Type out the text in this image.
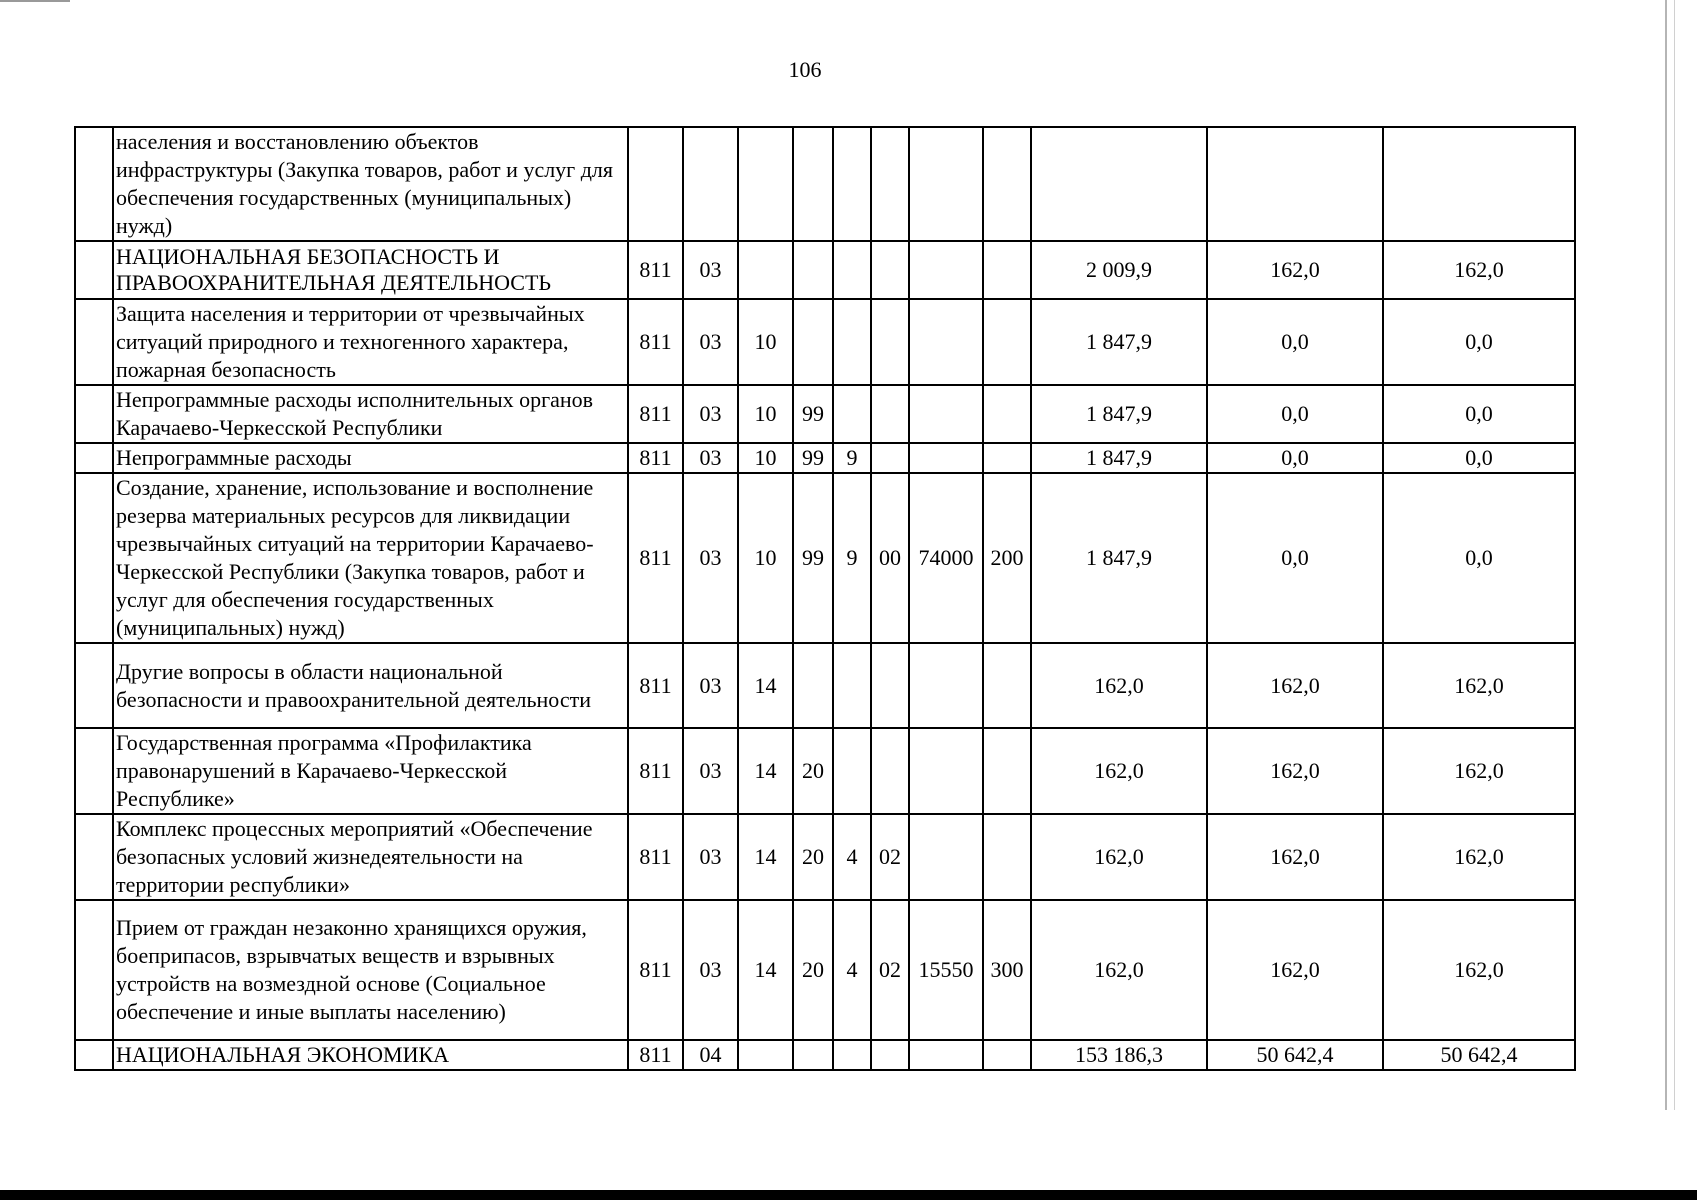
106
	населения и восстановлению объектов инфраструктуры (Закупка товаров, работ и услуг для обеспечения государственных (муниципальных) нужд)											
	НАЦИОНАЛЬНАЯ БЕЗОПАСНОСТЬ И ПРАВООХРАНИТЕЛЬНАЯ ДЕЯТЕЛЬНОСТЬ	811	03							2 009,9	162,0	162,0
	Защита населения и территории от чрезвычайных ситуаций природного и техногенного характера, пожарная безопасность	811	03	10						1 847,9	0,0	0,0
	Непрограммные расходы исполнительных органов Карачаево-Черкесской Республики	811	03	10	99					1 847,9	0,0	0,0
	Непрограммные расходы	811	03	10	99	9				1 847,9	0,0	0,0
	Создание, хранение, использование и восполнение резерва материальных ресурсов для ликвидации чрезвычайных ситуаций на территории Карачаево-Черкесской Республики (Закупка товаров, работ и услуг для обеспечения государственных (муниципальных) нужд)	811	03	10	99	9	00	74000	200	1 847,9	0,0	0,0
	Другие вопросы в области национальной безопасности и правоохранительной деятельности	811	03	14						162,0	162,0	162,0
	Государственная программа «Профилактика правонарушений в Карачаево-Черкесской Республике»	811	03	14	20					162,0	162,0	162,0
	Комплекс процессных мероприятий «Обеспечение безопасных условий жизнедеятельности на территории республики»	811	03	14	20	4	02			162,0	162,0	162,0
	Прием от граждан незаконно хранящихся оружия, боеприпасов, взрывчатых веществ и взрывных устройств на возмездной основе (Социальное обеспечение и иные выплаты населению)	811	03	14	20	4	02	15550	300	162,0	162,0	162,0
	НАЦИОНАЛЬНАЯ ЭКОНОМИКА	811	04							153 186,3	50 642,4	50 642,4
